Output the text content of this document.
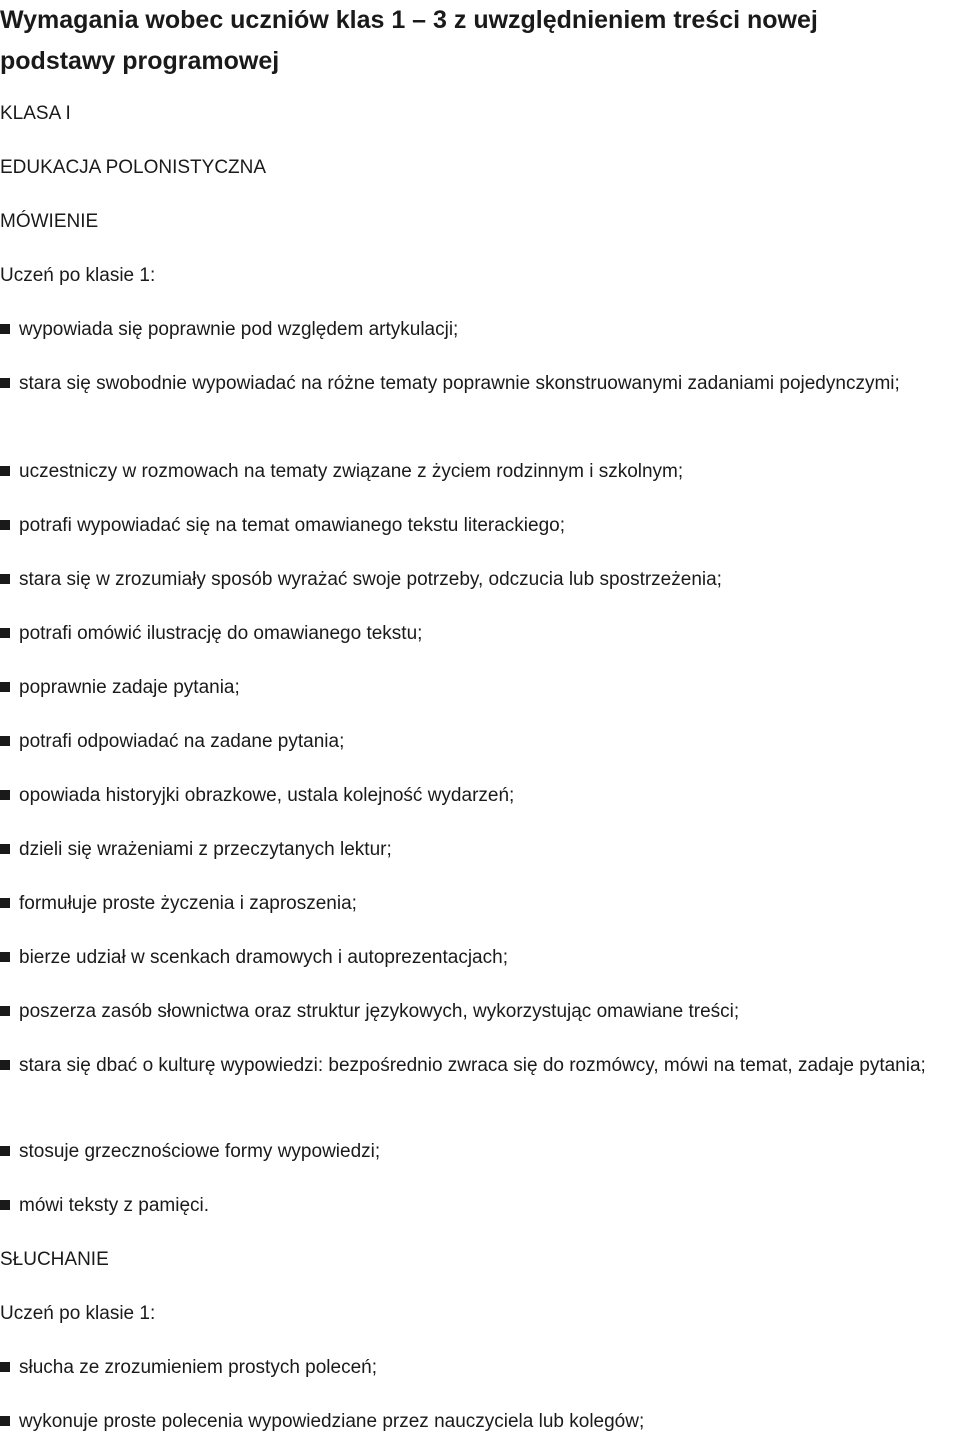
Wymagania wobec uczniów klas 1 – 3 z uwzględnieniem treści nowej podstawy programowej

KLASA I

EDUKACJA POLONISTYCZNA

MÓWIENIE

Uczeń po klasie 1:

wypowiada się poprawnie pod względem artykulacji;

stara się swobodnie wypowiadać na różne tematy poprawnie skonstruowanymi zadaniami pojedynczymi;

uczestniczy w rozmowach na tematy związane z życiem rodzinnym i szkolnym;

potrafi wypowiadać się na temat omawianego tekstu literackiego;

stara się w zrozumiały sposób wyrażać swoje potrzeby, odczucia lub spostrzeżenia;

potrafi omówić ilustrację do omawianego tekstu;

poprawnie zadaje pytania;

potrafi odpowiadać na zadane pytania;

opowiada historyjki obrazkowe, ustala kolejność wydarzeń;

dzieli się wrażeniami z przeczytanych lektur;

formułuje proste życzenia i zaproszenia;

bierze udział w scenkach dramowych i autoprezentacjach;

poszerza zasób słownictwa oraz struktur językowych, wykorzystując omawiane treści;

stara się dbać o kulturę wypowiedzi: bezpośrednio zwraca się do rozmówcy, mówi na temat, zadaje pytania;

stosuje grzecznościowe formy wypowiedzi;

mówi teksty z pamięci.

SŁUCHANIE

Uczeń po klasie 1:

słucha ze zrozumieniem prostych poleceń;

wykonuje proste polecenia wypowiedziane przez nauczyciela lub kolegów;
